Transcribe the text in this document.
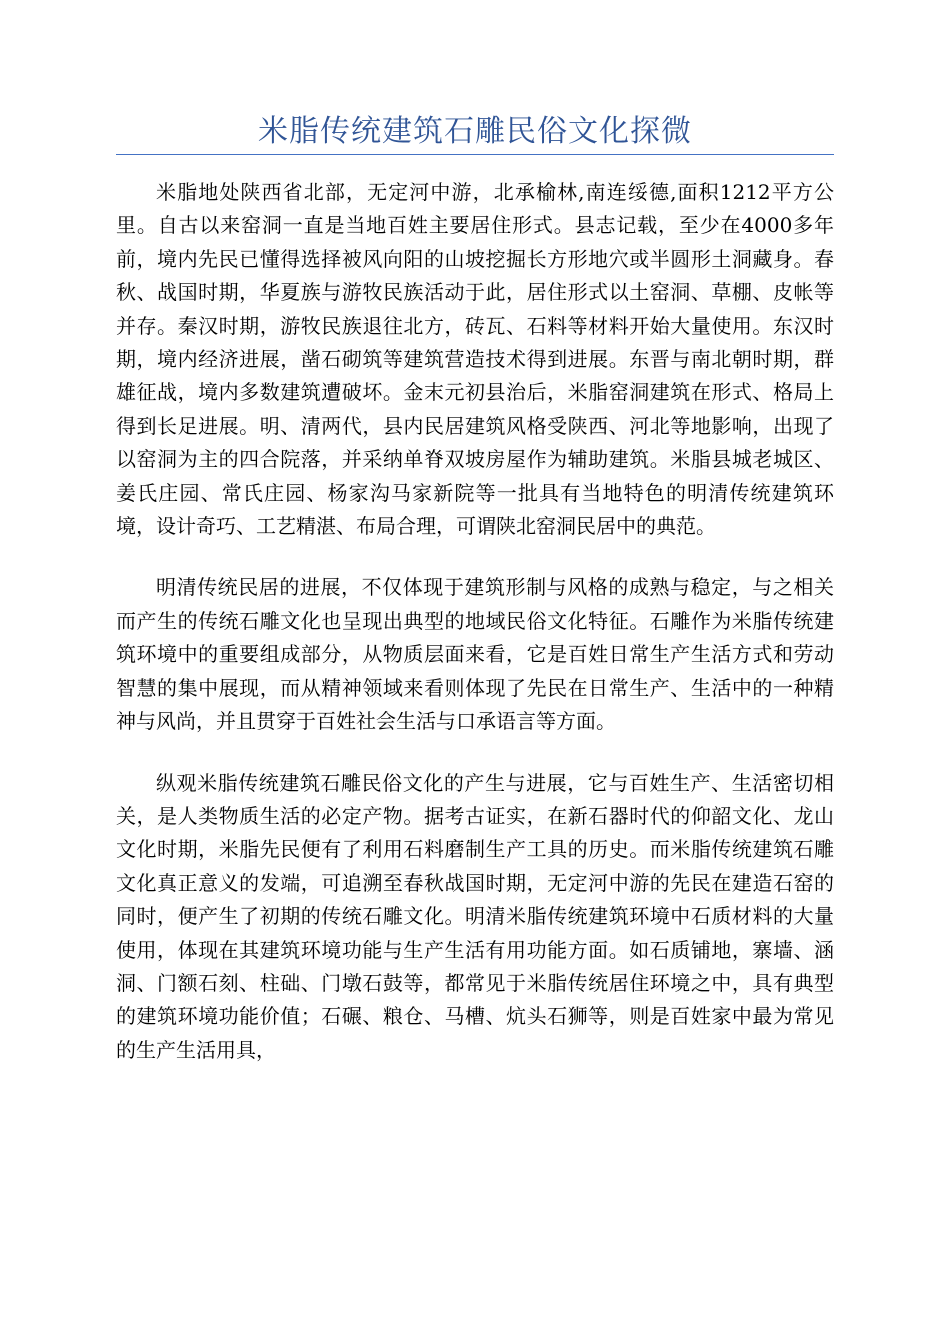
米脂传统建筑石雕民俗文化探微

米脂地处陕西省北部，无定河中游，北承榆林,南连绥德,面积1212平方公里。自古以来窑洞一直是当地百姓主要居住形式。县志记载，至少在4000多年前，境内先民已懂得选择被风向阳的山坡挖掘长方形地穴或半圆形土洞藏身。春秋、战国时期，华夏族与游牧民族活动于此，居住形式以土窑洞、草棚、皮帐等并存。秦汉时期，游牧民族退往北方，砖瓦、石料等材料开始大量使用。东汉时期，境内经济进展，凿石砌筑等建筑营造技术得到进展。东晋与南北朝时期，群雄征战，境内多数建筑遭破坏。金末元初县治后，米脂窑洞建筑在形式、格局上得到长足进展。明、清两代，县内民居建筑风格受陕西、河北等地影响，出现了以窑洞为主的四合院落，并采纳单脊双坡房屋作为辅助建筑。米脂县城老城区、姜氏庄园、常氏庄园、杨家沟马家新院等一批具有当地特色的明清传统建筑环境，设计奇巧、工艺精湛、布局合理，可谓陕北窑洞民居中的典范。

明清传统民居的进展，不仅体现于建筑形制与风格的成熟与稳定，与之相关而产生的传统石雕文化也呈现出典型的地域民俗文化特征。石雕作为米脂传统建筑环境中的重要组成部分，从物质层面来看，它是百姓日常生产生活方式和劳动智慧的集中展现，而从精神领域来看则体现了先民在日常生产、生活中的一种精神与风尚，并且贯穿于百姓社会生活与口承语言等方面。

纵观米脂传统建筑石雕民俗文化的产生与进展，它与百姓生产、生活密切相关，是人类物质生活的必定产物。据考古证实，在新石器时代的仰韶文化、龙山文化时期，米脂先民便有了利用石料磨制生产工具的历史。而米脂传统建筑石雕文化真正意义的发端，可追溯至春秋战国时期，无定河中游的先民在建造石窑的同时，便产生了初期的传统石雕文化。明清米脂传统建筑环境中石质材料的大量使用，体现在其建筑环境功能与生产生活有用功能方面。如石质铺地，寨墙、涵洞、门额石刻、柱础、门墩石鼓等，都常见于米脂传统居住环境之中，具有典型的建筑环境功能价值；石碾、粮仓、马槽、炕头石狮等，则是百姓家中最为常见的生产生活用具，
